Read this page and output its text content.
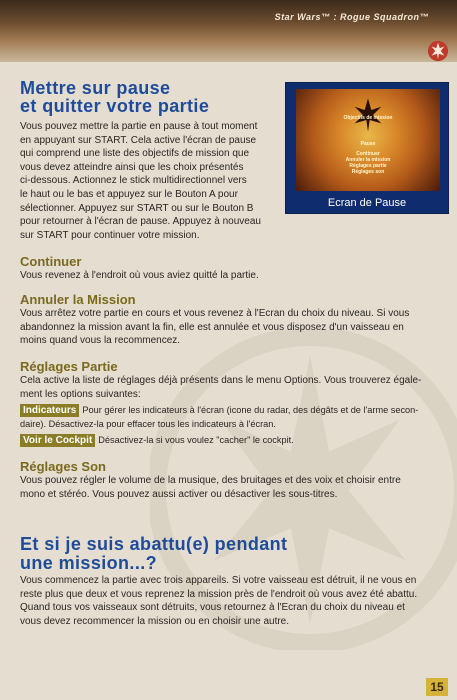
Star Wars™ : Rogue Squadron™
Mettre sur pause
et quitter votre partie
Vous pouvez mettre la partie en pause à tout moment
en appuyant sur START. Cela active l'écran de pause
qui comprend une liste des objectifs de mission que
vous devez atteindre ainsi que les choix présentés
ci-dessous. Actionnez le stick multidirectionnel vers
le haut ou le bas et appuyez sur le Bouton A pour
sélectionner. Appuyez sur START ou sur le Bouton B
pour retourner à l'écran de pause. Appuyez à nouveau
sur START pour continuer votre mission.
Objectifs de mission
Pause
Continuer
Annuler la mission
Réglages partie
Réglages son
Ecran de Pause
Continuer
Vous revenez à l'endroit où vous aviez quitté la partie.
Annuler la Mission
Vous arrêtez votre partie en cours et vous revenez à l'Ecran du choix du niveau. Si vous
abandonnez la mission avant la fin, elle est annulée et vous disposez d'un vaisseau en
moins quand vous la recommencez.
Réglages Partie
Cela active la liste de réglages déjà présents dans le menu Options. Vous trouverez égale-
ment les options suivantes:
Indicateurs Pour gérer les indicateurs à l'écran (icone du radar, des dégâts et de l'arme secon-
daire). Désactivez-la pour effacer tous les indicateurs à l'écran.
Voir le Cockpit Désactivez-la si vous voulez "cacher" le cockpit.
Réglages Son
Vous pouvez régler le volume de la musique, des bruitages et des voix et choisir entre
mono et stéréo. Vous pouvez aussi activer ou désactiver les sous-titres.
Et si je suis abattu(e) pendant
une mission...?
Vous commencez la partie avec trois appareils. Si votre vaisseau est détruit, il ne vous en
reste plus que deux et vous reprenez la mission près de l'endroit où vous avez été abattu.
Quand tous vos vaisseaux sont détruits, vous retournez à l'Ecran du choix du niveau et
vous devez recommencer la mission ou en choisir une autre.
15
